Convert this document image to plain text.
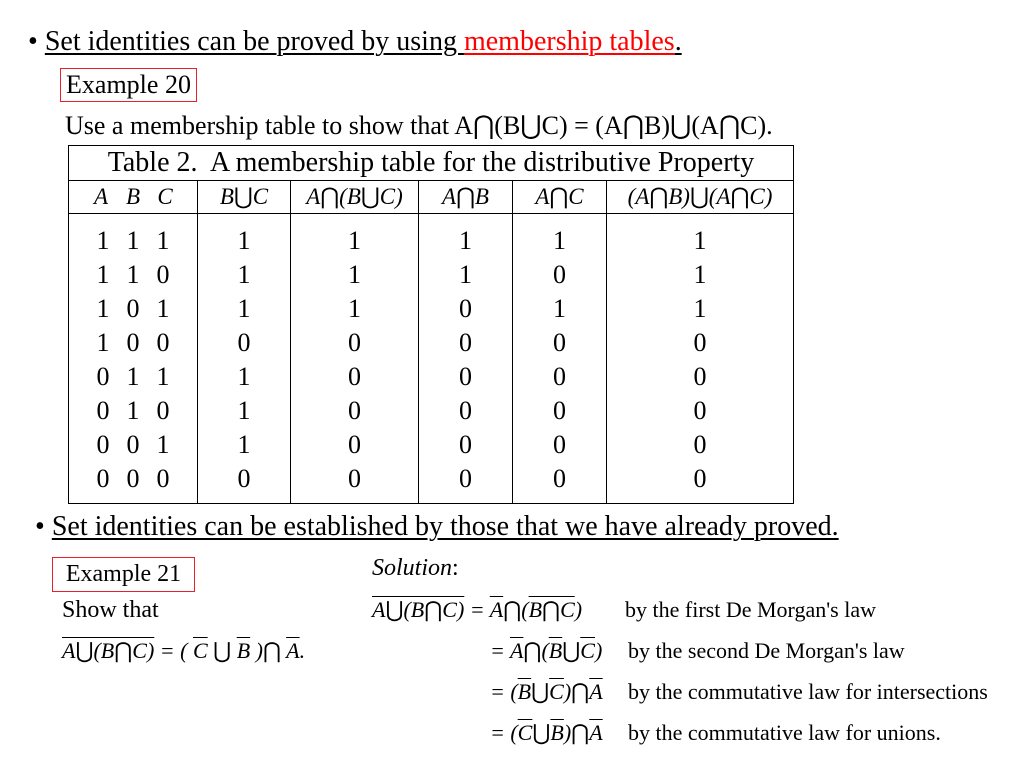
• Set identities can be proved by using membership tables.
Example 20
Use a membership table to show that A⋂(B⋃C) = (A⋂B)⋃(A⋂C).
Table 2.  A membership table for the distributive Property					
A B C	B⋃C	A⋂(B⋃C)	A⋂B	A⋂C	(A⋂B)⋃(A⋂C)
1 1 1	1	1	1	1	1
1 1 0	1	1	1	0	1
1 0 1	1	1	0	1	1
1 0 0	0	0	0	0	0
0 1 1	1	0	0	0	0
0 1 0	1	0	0	0	0
0 0 1	1	0	0	0	0
0 0 0	0	0	0	0	0
• Set identities can be established by those that we have already proved.
Example 21
Show that
A⋃(B⋂C) = ( $\overline{C}$ ⋃ $\overline{B}$ )⋂ $\overline{A}$.
Solution:
A⋃(B⋂C) = $\overline{A}⋂(B⋂C)$ by the first De Morgan's law
= $\overline{A}⋂(\overline{B}⋃\overline{C})$ by the second De Morgan's law
= $(\overline{B}⋃\overline{C})⋂\overline{A}$ by the commutative law for intersections
= $(\overline{C}⋃\overline{B})⋂\overline{A}$ by the commutative law for unions.
